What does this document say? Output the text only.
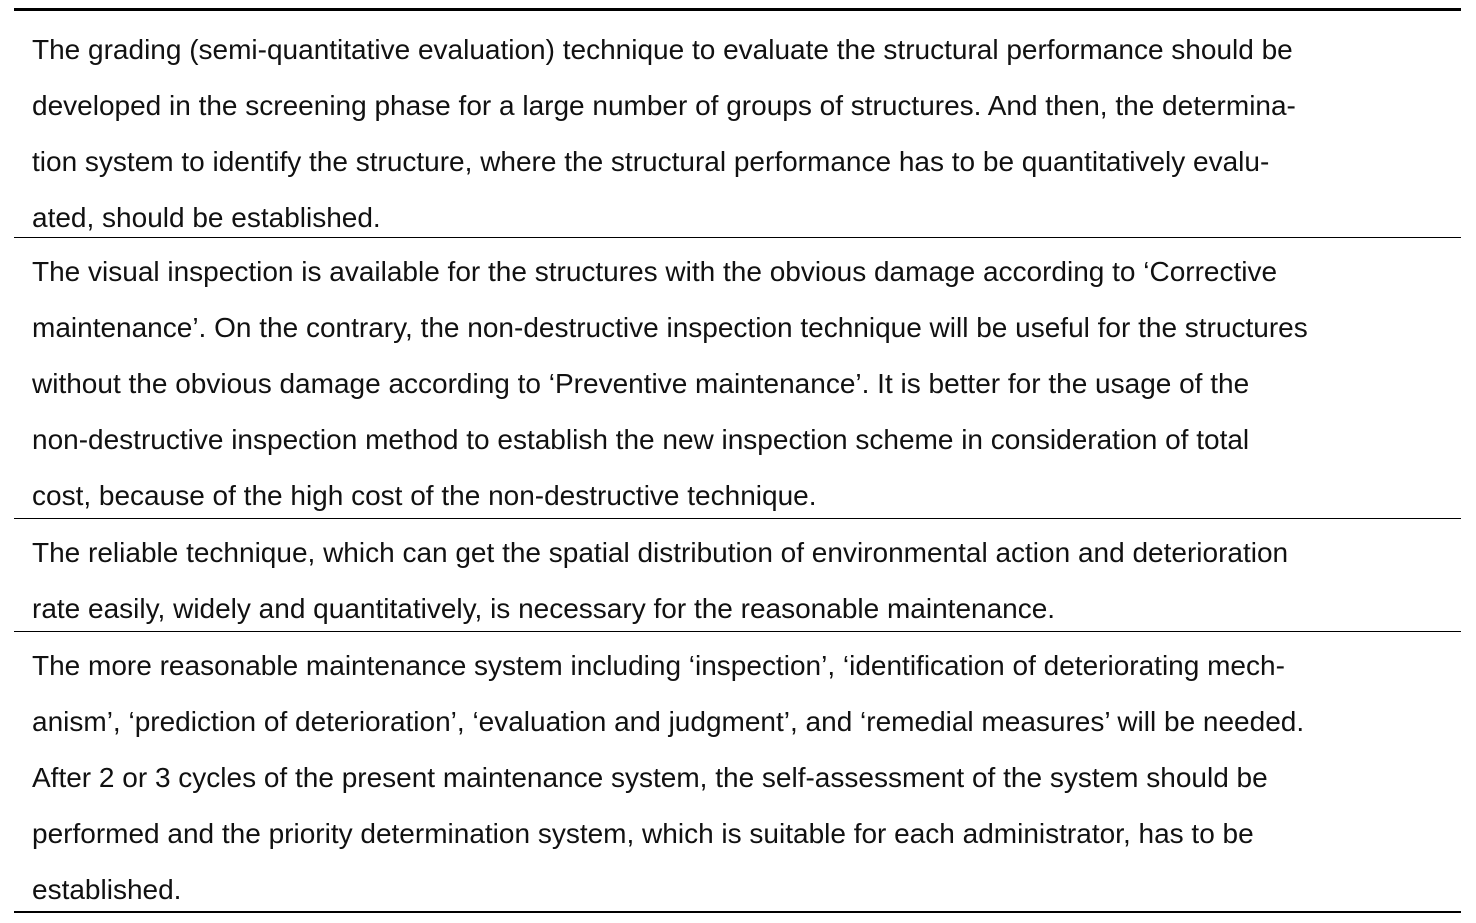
The grading (semi-quantitative evaluation) technique to evaluate the structural performance should be
developed in the screening phase for a large number of groups of structures. And then, the determina-
tion system to identify the structure, where the structural performance has to be quantitatively evalu-
ated, should be established.

The visual inspection is available for the structures with the obvious damage according to ‘Corrective
maintenance’. On the contrary, the non-destructive inspection technique will be useful for the structures
without the obvious damage according to ‘Preventive maintenance’. It is better for the usage of the
non-destructive inspection method to establish the new inspection scheme in consideration of total
cost, because of the high cost of the non-destructive technique.

The reliable technique, which can get the spatial distribution of environmental action and deterioration
rate easily, widely and quantitatively, is necessary for the reasonable maintenance.

The more reasonable maintenance system including ‘inspection’, ‘identification of deteriorating mech-
anism’, ‘prediction of deterioration’, ‘evaluation and judgment’, and ‘remedial measures’ will be needed.
After 2 or 3 cycles of the present maintenance system, the self-assessment of the system should be
performed and the priority determination system, which is suitable for each administrator, has to be
established.
